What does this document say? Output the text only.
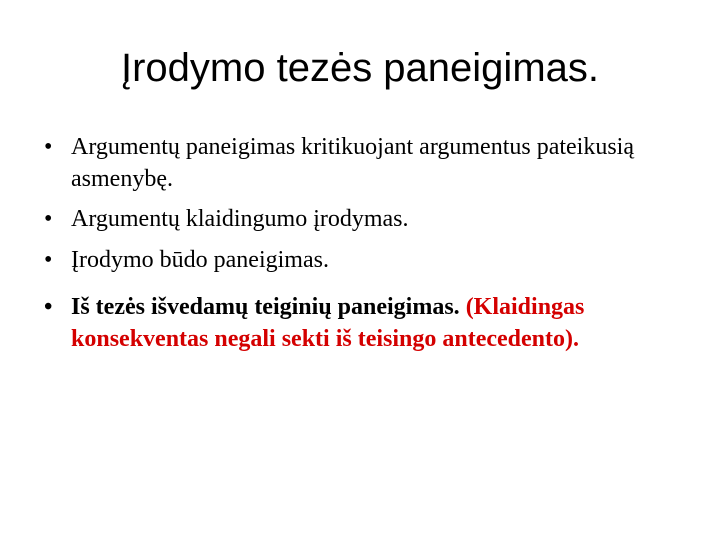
Įrodymo tezės paneigimas.
• Argumentų paneigimas kritikuojant argumentus pateikusią asmenybę.
• Argumentų klaidingumo įrodymas.
• Įrodymo būdo paneigimas.
• Iš tezės išvedamų teiginių paneigimas. (Klaidingas konsekventas negali sekti iš teisingo antecedento).
